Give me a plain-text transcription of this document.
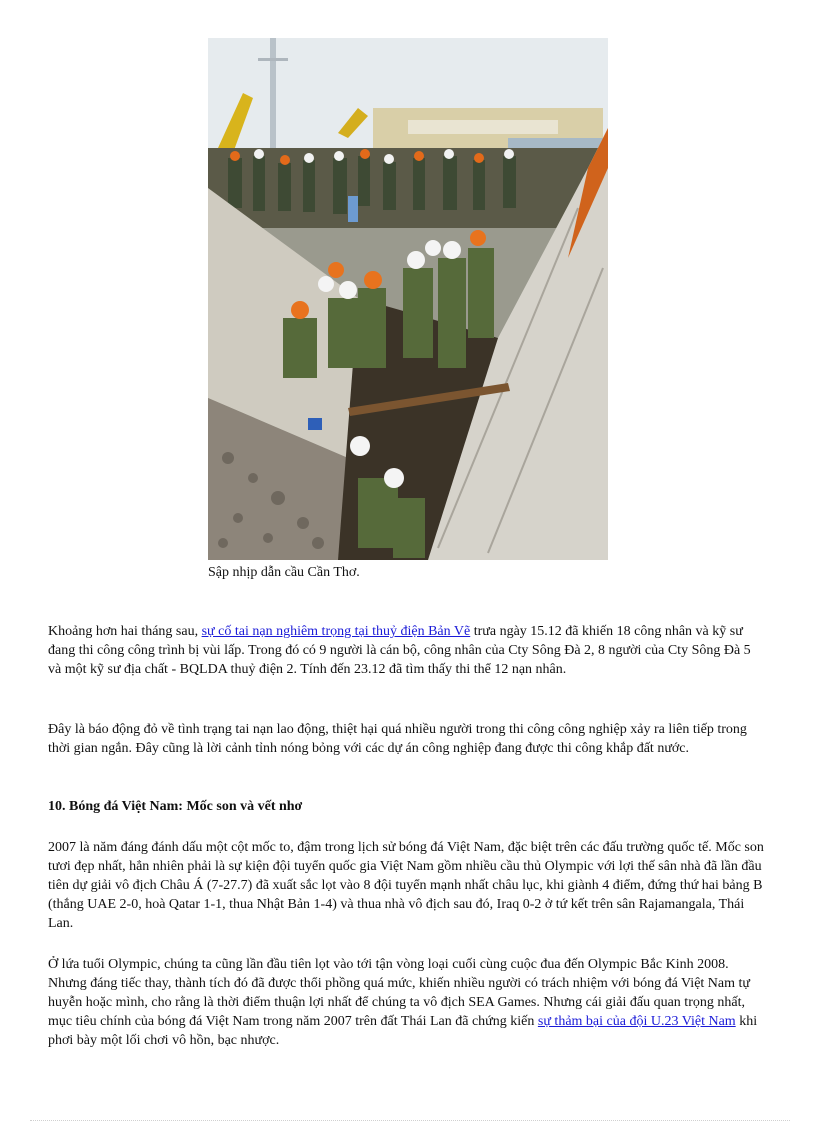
Sập nhịp dẫn cầu Cần Thơ.

Khoảng hơn hai tháng sau, sự cố tai nạn nghiêm trọng tại thuỷ điện Bản Vẽ trưa ngày 15.12 đã khiến 18 công nhân và kỹ sư đang thi công công trình bị vùi lấp. Trong đó có 9 người là cán bộ, công nhân của Cty Sông Đà 2, 8 người của Cty Sông Đà 5 và một kỹ sư địa chất - BQLDA thuỷ điện 2. Tính đến 23.12 đã tìm thấy thi thể 12 nạn nhân.

Đây là báo động đỏ về tình trạng tai nạn lao động, thiệt hại quá nhiều người trong thi công công nghiệp xảy ra liên tiếp trong thời gian ngắn. Đây cũng là lời cảnh tỉnh nóng bỏng với các dự án công nghiệp đang được thi công khắp đất nước.

10. Bóng đá Việt Nam: Mốc son và vết nhơ

2007 là năm đáng đánh dấu một cột mốc to, đậm trong lịch sử bóng đá Việt Nam, đặc biệt trên các đấu trường quốc tế. Mốc son tươi đẹp nhất, hẳn nhiên phải là sự kiện đội tuyển quốc gia Việt Nam gồm nhiều cầu thủ Olympic với lợi thế sân nhà đã lần đầu tiên dự giải vô địch Châu Á (7-27.7) đã xuất sắc lọt vào 8 đội tuyển mạnh nhất châu lục, khi giành 4 điểm, đứng thứ hai bảng B (thắng UAE 2-0, hoà Qatar 1-1, thua Nhật Bản 1-4) và thua nhà vô địch sau đó, Iraq 0-2 ở tứ kết trên sân Rajamangala, Thái Lan.

Ở lứa tuổi Olympic, chúng ta cũng lần đầu tiên lọt vào tới tận vòng loại cuối cùng cuộc đua đến Olympic Bắc Kinh 2008. Nhưng đáng tiếc thay, thành tích đó đã được thổi phồng quá mức, khiến nhiều người có trách nhiệm với bóng đá Việt Nam tự huyễn hoặc mình, cho rằng là thời điểm thuận lợi nhất để chúng ta vô địch SEA Games. Nhưng cái giải đấu quan trọng nhất, mục tiêu chính của bóng đá Việt Nam trong năm 2007 trên đất Thái Lan đã chứng kiến sự thảm bại của đội U.23 Việt Nam khi phơi bày một lối chơi vô hồn, bạc nhược.
